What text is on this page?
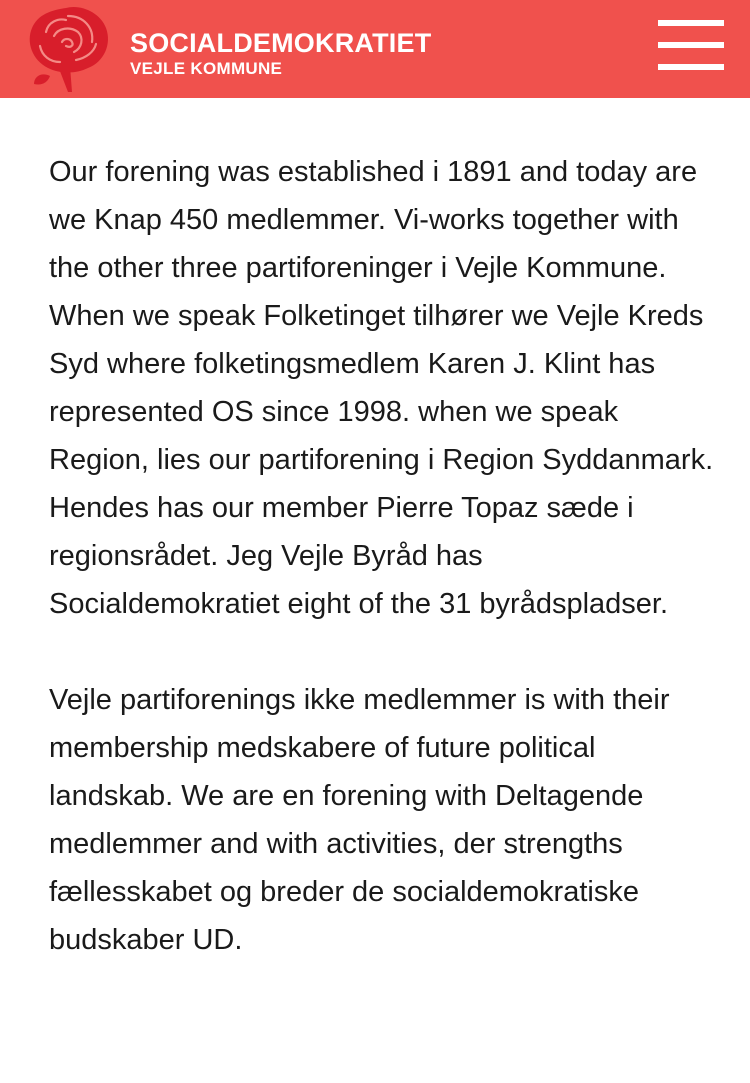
SOCIALDEMOKRATIET
VEJLE KOMMUNE

Our forening was established i 1891 and today are we Knap 450 medlemmer. Vi-works together with the other three partiforeninger i Vejle Kommune. When we speak Folketinget tilhører we Vejle Kreds Syd where folketingsmedlem Karen J. Klint has represented OS since 1998. when we speak Region, lies our partiforening i Region Syddanmark. Hendes has our member Pierre Topaz sæde i regionsrådet. Jeg Vejle Byråd has Socialdemokratiet eight of the 31 byrådspladser.

Vejle partiforenings ikke medlemmer is with their membership medskabere of future political landskab. We are en forening with Deltagende medlemmer and with activities, der strengths fællesskabet og breder de socialdemokratiske budskaber UD.
